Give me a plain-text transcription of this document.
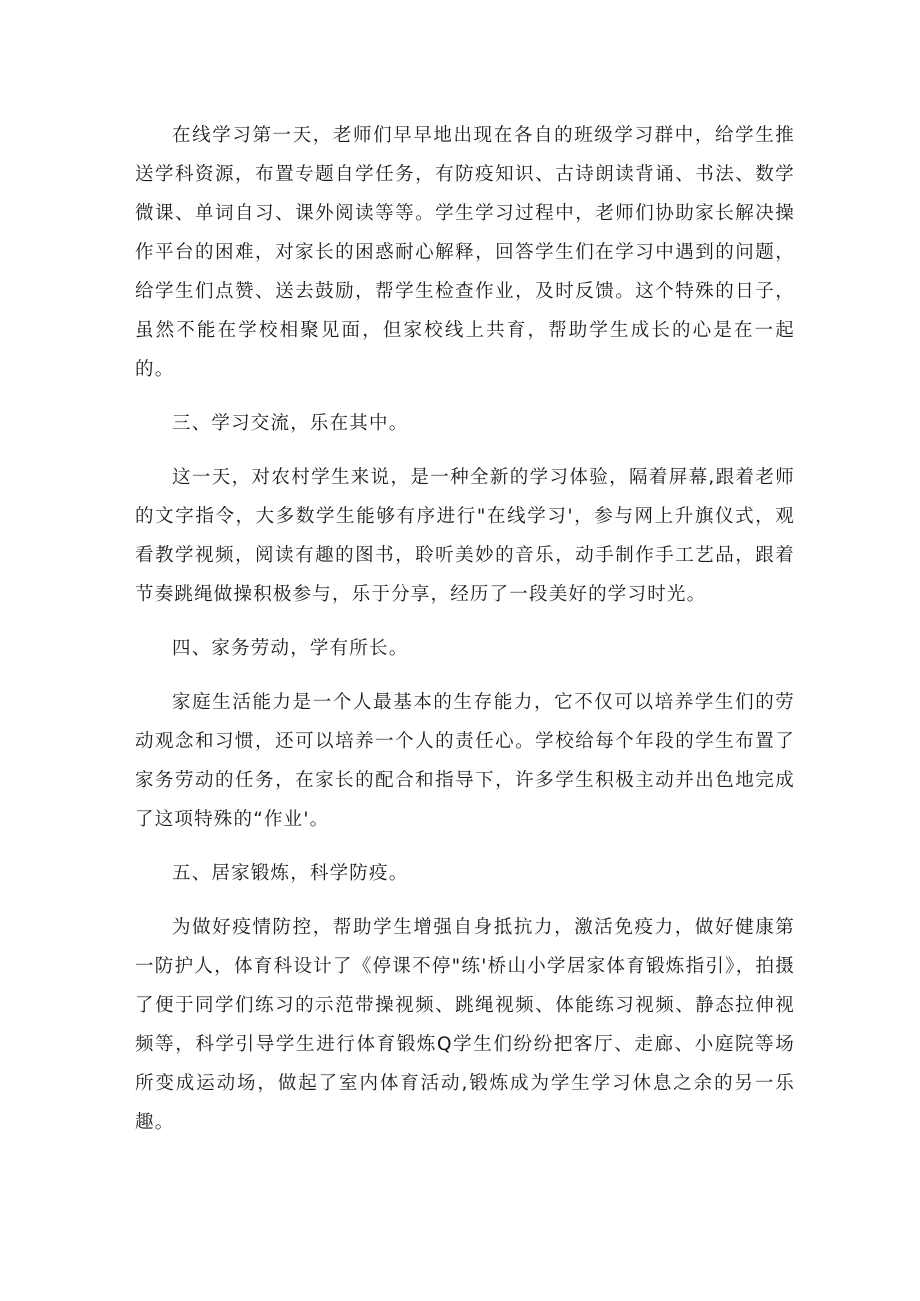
在线学习第一天，老师们早早地出现在各自的班级学习群中，给学生推送学科资源，布置专题自学任务，有防疫知识、古诗朗读背诵、书法、数学微课、单词自习、课外阅读等等。学生学习过程中，老师们协助家长解决操作平台的困难，对家长的困惑耐心解释，回答学生们在学习中遇到的问题，给学生们点赞、送去鼓励，帮学生检查作业，及时反馈。这个特殊的日子，虽然不能在学校相聚见面，但家校线上共育，帮助学生成长的心是在一起的。

三、学习交流，乐在其中。

这一天，对农村学生来说，是一种全新的学习体验，隔着屏幕,跟着老师的文字指令，大多数学生能够有序进行"在线学习'，参与网上升旗仪式，观看教学视频，阅读有趣的图书，聆听美妙的音乐，动手制作手工艺品，跟着节奏跳绳做操积极参与，乐于分享，经历了一段美好的学习时光。

四、家务劳动，学有所长。

家庭生活能力是一个人最基本的生存能力，它不仅可以培养学生们的劳动观念和习惯，还可以培养一个人的责任心。学校给每个年段的学生布置了家务劳动的任务，在家长的配合和指导下，许多学生积极主动并出色地完成了这项特殊的“作业'。

五、居家锻炼，科学防疫。

为做好疫情防控，帮助学生增强自身抵抗力，激活免疫力，做好健康第一防护人，体育科设计了《停课不停"练'桥山小学居家体育锻炼指引》，拍摄了便于同学们练习的示范带操视频、跳绳视频、体能练习视频、静态拉伸视频等，科学引导学生进行体育锻炼Q学生们纷纷把客厅、走廊、小庭院等场所变成运动场，做起了室内体育活动,锻炼成为学生学习休息之余的另一乐趣。
